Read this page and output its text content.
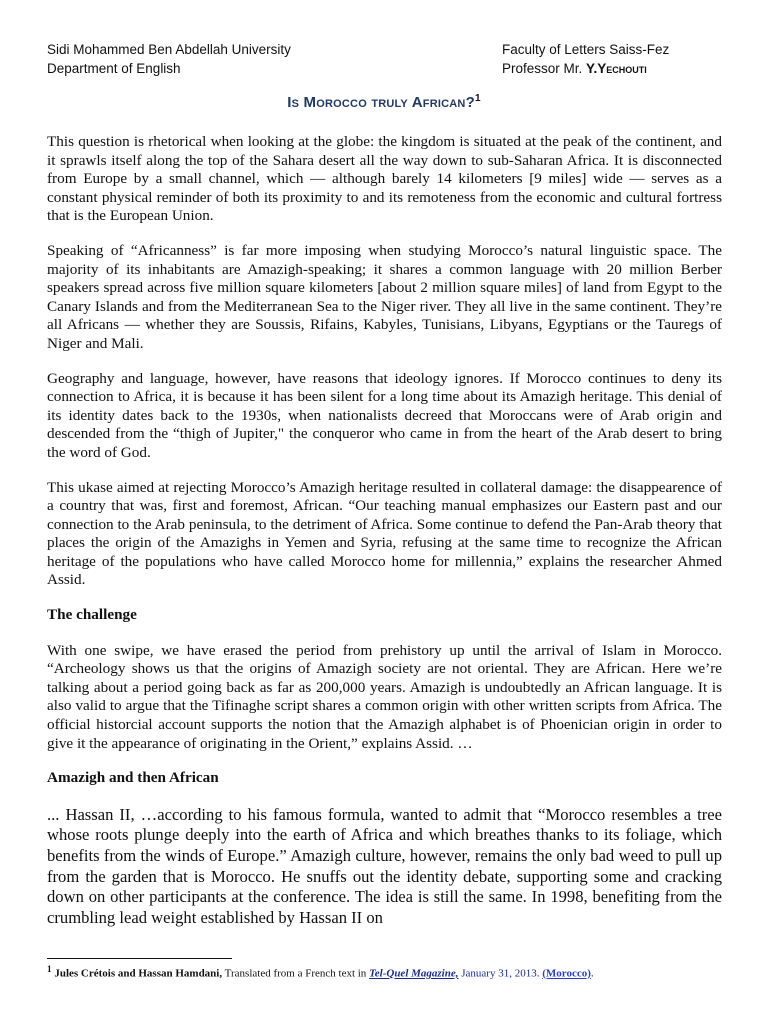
Sidi Mohammed Ben Abdellah University
Department of English
Faculty of Letters Saiss-Fez
Professor Mr. Y.Yechouti
Is Morocco truly African?$^1$

This question is rhetorical when looking at the globe: the kingdom is situated at the peak of the continent, and it sprawls itself along the top of the Sahara desert all the way down to sub-Saharan Africa. It is disconnected from Europe by a small channel, which — although barely 14 kilometers [9 miles] wide — serves as a constant physical reminder of both its proximity to and its remoteness from the economic and cultural fortress that is the European Union.

Speaking of “Africanness” is far more imposing when studying Morocco’s natural linguistic space. The majority of its inhabitants are Amazigh-speaking; it shares a common language with 20 million Berber speakers spread across five million square kilometers [about 2 million square miles] of land from Egypt to the Canary Islands and from the Mediterranean Sea to the Niger river. They all live in the same continent. They’re all Africans — whether they are Soussis, Rifains, Kabyles, Tunisians, Libyans, Egyptians or the Tauregs of Niger and Mali.

Geography and language, however, have reasons that ideology ignores. If Morocco continues to deny its connection to Africa, it is because it has been silent for a long time about its Amazigh heritage. This denial of its identity dates back to the 1930s, when nationalists decreed that Moroccans were of Arab origin and descended from the “thigh of Jupiter," the conqueror who came in from the heart of the Arab desert to bring the word of God.

This ukase aimed at rejecting Morocco’s Amazigh heritage resulted in collateral damage: the disappearence of a country that was, first and foremost, African. “Our teaching manual emphasizes our Eastern past and our connection to the Arab peninsula, to the detriment of Africa. Some continue to defend the Pan-Arab theory that places the origin of the Amazighs in Yemen and Syria, refusing at the same time to recognize the African heritage of the populations who have called Morocco home for millennia,” explains the researcher Ahmed Assid.

The challenge

With one swipe, we have erased the period from prehistory up until the arrival of Islam in Morocco. “Archeology shows us that the origins of Amazigh society are not oriental. They are African. Here we’re talking about a period going back as far as 200,000 years. Amazigh is undoubtedly an African language. It is also valid to argue that the Tifinaghe script shares a common origin with other written scripts from Africa. The official historcial account supports the notion that the Amazigh alphabet is of Phoenician origin in order to give it the appearance of originating in the Orient,” explains Assid. …

Amazigh and then African

... Hassan II, …according to his famous formula, wanted to admit that “Morocco resembles a tree whose roots plunge deeply into the earth of Africa and which breathes thanks to its foliage, which benefits from the winds of Europe.” Amazigh culture, however, remains the only bad weed to pull up from the garden that is Morocco. He snuffs out the identity debate, supporting some and cracking down on other participants at the conference. The idea is still the same. In 1998, benefiting from the crumbling lead weight established by Hassan II on

$^1$ Jules Crétois and Hassan Hamdani, Translated from a French text in Tel-Quel Magazine, January 31, 2013. (Morocco).
